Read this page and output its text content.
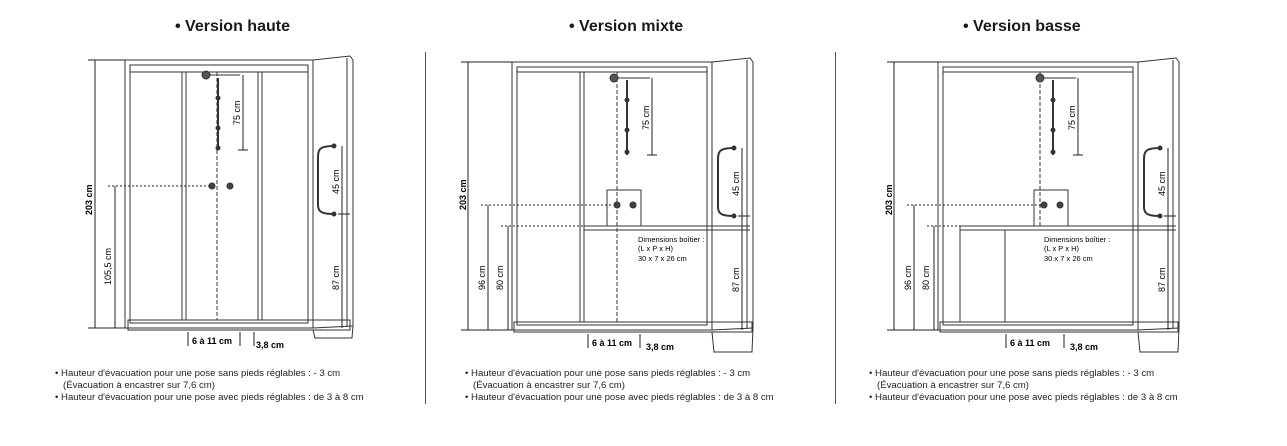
• Version haute
203 cm
105,5 cm
75 cm
45 cm
87 cm
6 à 11 cm	3,8 cm
203 cm
96 cm 80 cm
75 cm
45 cm
87 cm
6 à 11 cm 3,8 cm
Dimensions boîtier :
(L x P x H)
30 x 7 x 26 cm
203 cm
96 cm 80 cm
75 cm
45 cm
87 cm
6 à 11 cm 3,8 cm
Dimensions boîtier :
(L x P x H)
30 x 7 x 26 cm
• Version mixte	• Version basse
• Hauteur d'évacuation pour une pose sans pieds réglables : - 3 cm
(Évacuation à encastrer sur 7,6 cm)
• Hauteur d'évacuation pour une pose avec pieds réglables : de 3 à 8 cm
• Hauteur d'évacuation pour une pose sans pieds réglables : - 3 cm
(Évacuation à encastrer sur 7,6 cm)
• Hauteur d'évacuation pour une pose avec pieds réglables : de 3 à 8 cm
• Hauteur d'évacuation pour une pose sans pieds réglables : - 3 cm
(Évacuation à encastrer sur 7,6 cm)
• Hauteur d'évacuation pour une pose avec pieds réglables : de 3 à 8 cm
